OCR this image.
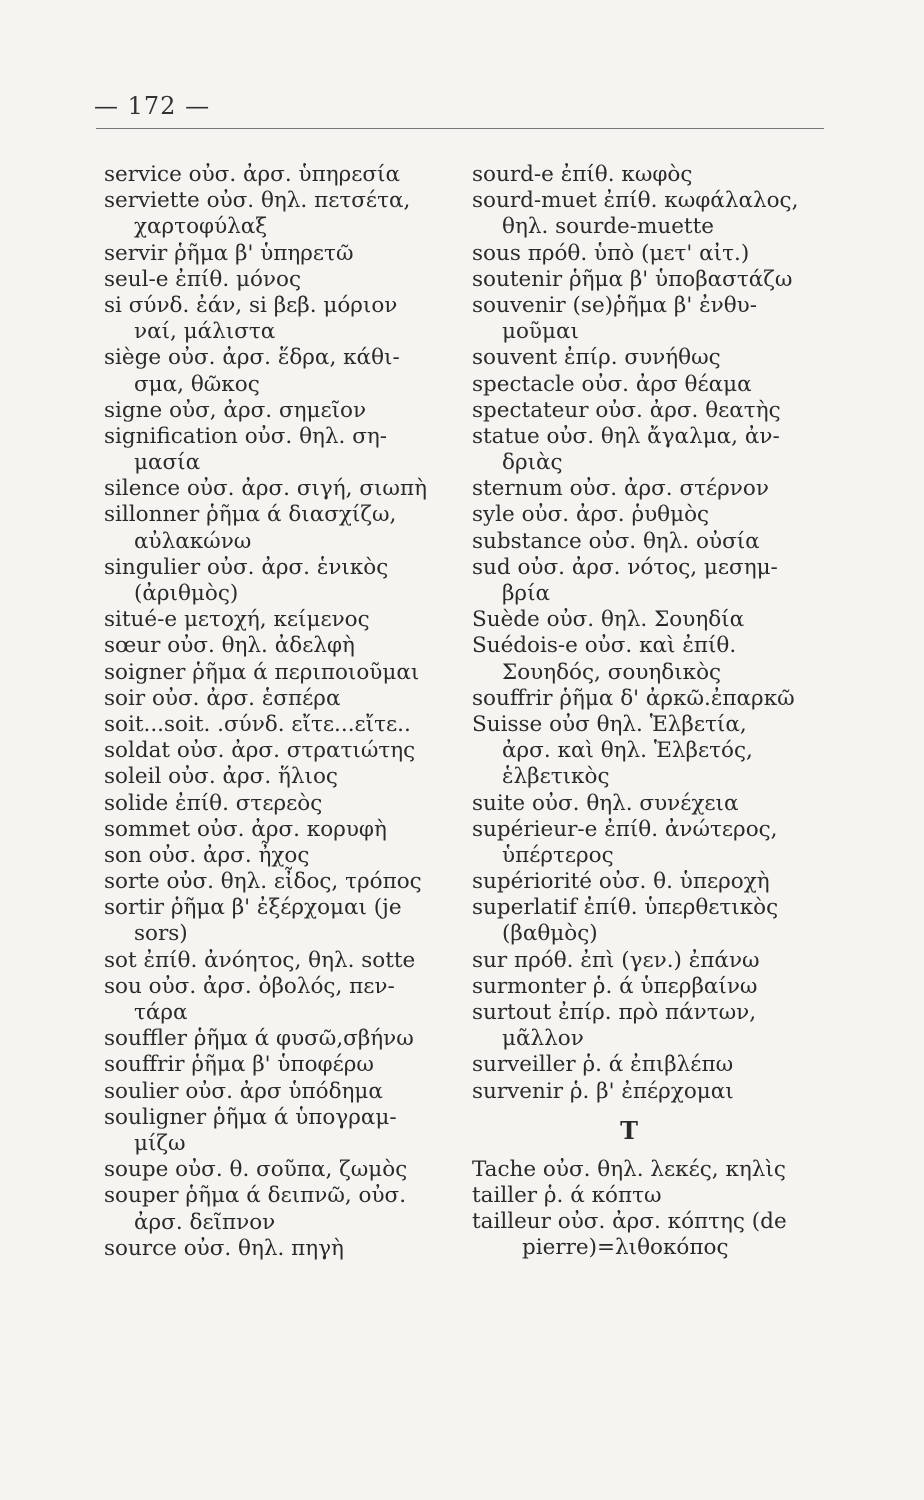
— 172 —
service οὐσ. ἀρσ. ὑπηρεσία
serviette οὐσ. θηλ. πετσέτα,
χαρτοφύλαξ
servir ῥῆμα β' ὑπηρετῶ
seul-e ἐπίθ. μόνος
si σύνδ. ἐάν, si βεβ. μόριον
ναί, μάλιστα
siège οὐσ. ἀρσ. ἕδρα, κάθι-
σμα, θῶκος
signe οὐσ, ἀρσ. σημεῖον
signification οὐσ. θηλ. ση-
μασία
silence οὐσ. ἀρσ. σιγή, σιωπὴ
sillonner ῥῆμα ά διασχίζω,
αὐλακώνω
singulier οὐσ. ἀρσ. ἑνικὸς
(ἀριθμὸς)
situé-e μετοχή, κείμενος
sœur οὐσ. θηλ. ἀδελφὴ
soigner ῥῆμα ά περιποιοῦμαι
soir οὐσ. ἀρσ. ἑσπέρα
soit...soit. .σύνδ. εἴτε...εἴτε..
soldat οὐσ. ἀρσ. στρατιώτης
soleil οὐσ. ἀρσ. ἥλιος
solide ἐπίθ. στερεὸς
sommet οὐσ. ἀρσ. κορυφὴ
son οὐσ. ἀρσ. ἦχος
sorte οὐσ. θηλ. εἶδος, τρόπος
sortir ῥῆμα β' ἐξέρχομαι (je
sors)
sot ἐπίθ. ἀνόητος, θηλ. sotte
sou οὐσ. ἀρσ. ὀβολός, πεν-
τάρα
souffler ῥῆμα ά φυσῶ,σβήνω
souffrir ῥῆμα β' ὑποφέρω
soulier οὐσ. ἀρσ ὑπόδημα
souligner ῥῆμα ά ὑπογραμ-
μίζω
soupe οὐσ. θ. σοῦπα, ζωμὸς
souper ῥῆμα ά δειπνῶ, οὐσ.
ἀρσ. δεῖπνον
source οὐσ. θηλ. πηγὴ
sourd-e ἐπίθ. κωφὸς
sourd-muet ἐπίθ. κωφάλαλος,
θηλ. sourde-muette
sous πρόθ. ὑπὸ (μετ' αἰτ.)
soutenir ῥῆμα β' ὑποβαστάζω
souvenir (se)ῥῆμα β' ἐνθυ-
μοῦμαι
souvent ἐπίρ. συνήθως
spectacle οὐσ. ἀρσ θέαμα
spectateur οὐσ. ἀρσ. θεατὴς
statue οὐσ. θηλ ἄγαλμα, ἀν-
δριὰς
sternum οὐσ. ἀρσ. στέρνον
syle οὐσ. ἀρσ. ῥυθμὸς
substance οὐσ. θηλ. οὐσία
sud οὐσ. ἀρσ. νότος, μεσημ-
βρία
Suède οὐσ. θηλ. Σουηδία
Suédois-e οὐσ. καὶ ἐπίθ.
Σουηδός, σουηδικὸς
souffrir ῥῆμα δ' ἀρκῶ.ἐπαρκῶ
Suisse οὐσ θηλ. Ἑλβετία,
ἀρσ. καὶ θηλ. Ἑλβετός,
ἑλβετικὸς
suite οὐσ. θηλ. συνέχεια
supérieur-e ἐπίθ. ἀνώτερος,
ὑπέρτερος
supériorité οὐσ. θ. ὑπεροχὴ
superlatif ἐπίθ. ὑπερθετικὸς
(βαθμὸς)
sur πρόθ. ἐπὶ (γεν.) ἐπάνω
surmonter ῥ. ά ὑπερβαίνω
surtout ἐπίρ. πρὸ πάντων,
μᾶλλον
surveiller ῥ. ά ἐπιβλέπω
survenir ῥ. β' ἐπέρχομαι
T
Tache οὐσ. θηλ. λεκές, κηλὶς
tailler ῥ. ά κόπτω
tailleur οὐσ. ἀρσ. κόπτης (de
pierre)=λιθοκόπος
